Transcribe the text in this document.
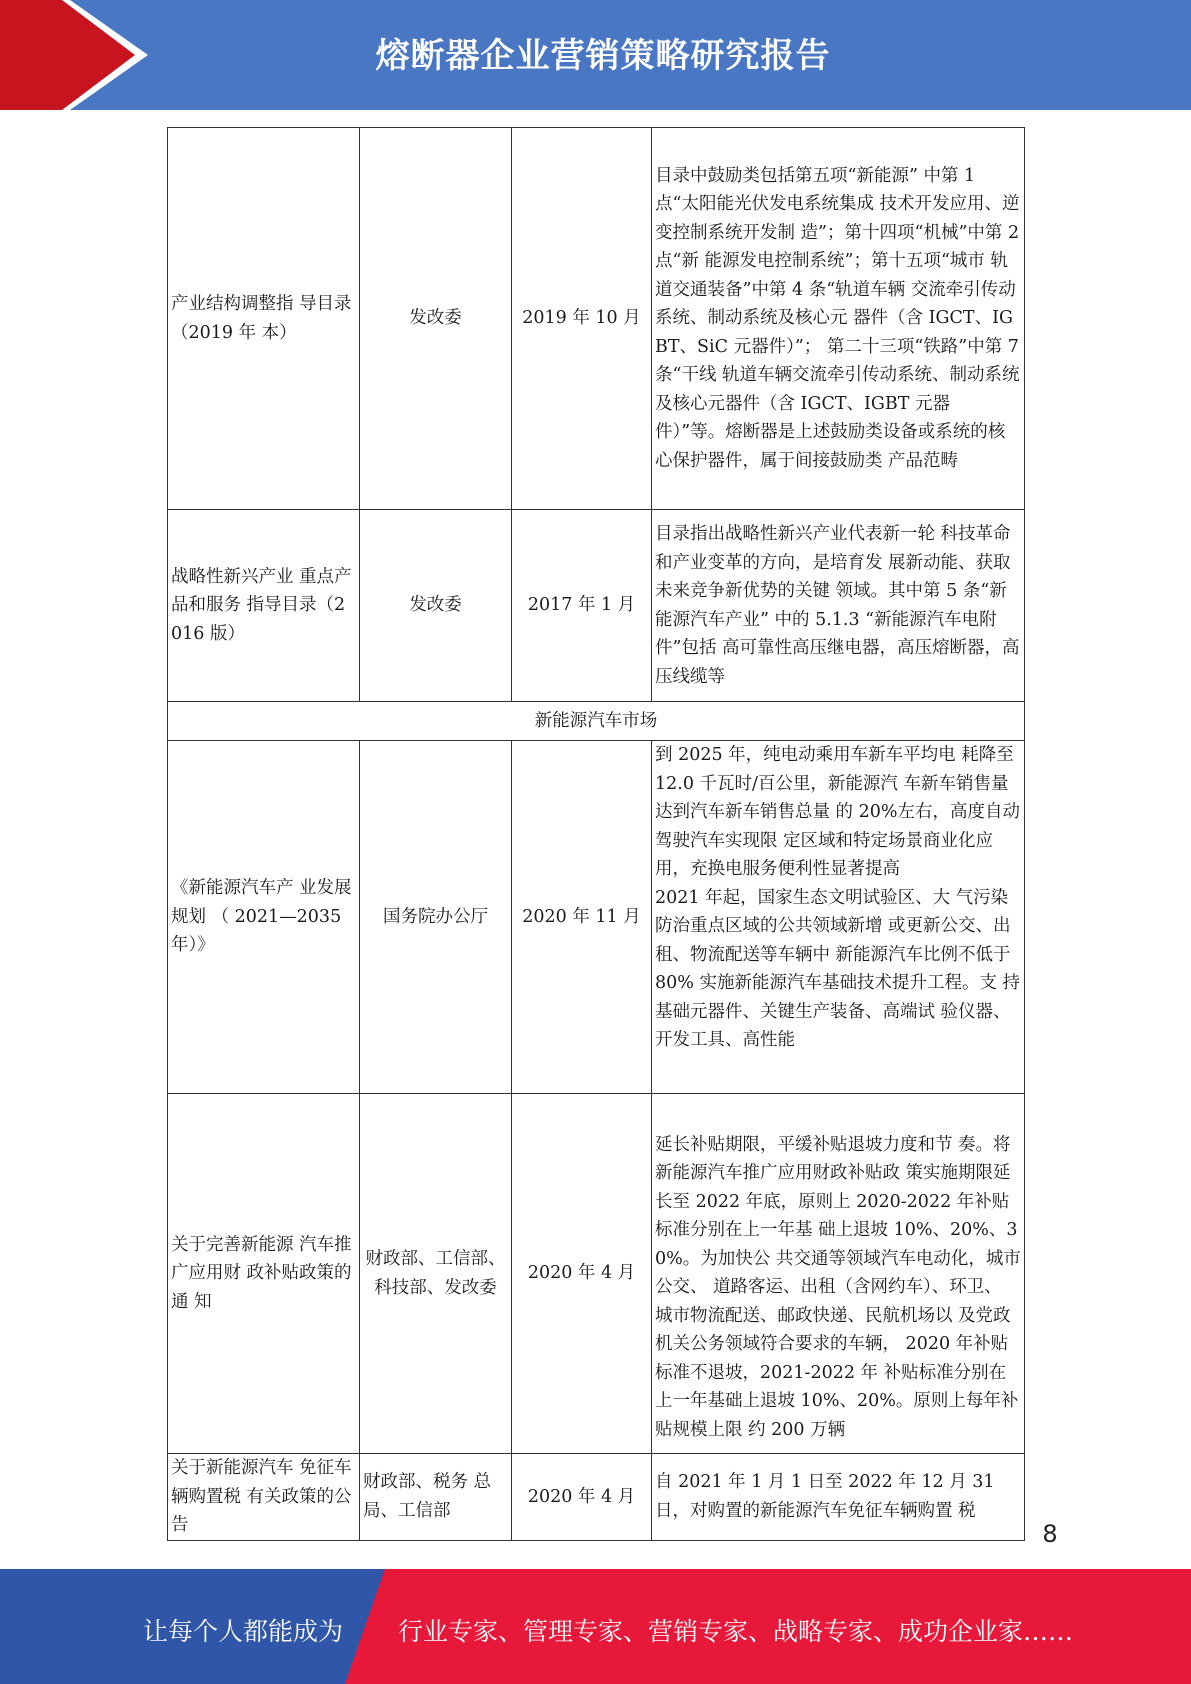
熔断器企业营销策略研究报告
产业结构调整指 导目录（2019 年 本）	发改委	2019 年 10 月	目录中鼓励类包括第五项“新能源” 中第 1 点“太阳能光伏发电系统集成 技术开发应用、逆变控制系统开发制 造”；第十四项“机械”中第 2 点“新 能源发电控制系统”；第十五项“城市 轨道交通装备”中第 4 条“轨道车辆 交流牵引传动系统、制动系统及核心元 器件（含 IGCT、IGBT、SiC 元器件）”； 第二十三项“铁路”中第 7 条“干线 轨道车辆交流牵引传动系统、制动系统 及核心元器件（含 IGCT、IGBT 元器 件）”等。熔断器是上述鼓励类设备或系统的核心保护器件，属于间接鼓励类 产品范畴
战略性新兴产业 重点产品和服务 指导目录（2016 版）	发改委	2017 年 1 月	目录指出战略性新兴产业代表新一轮 科技革命和产业变革的方向，是培育发 展新动能、获取未来竞争新优势的关键 领域。其中第 5 条“新能源汽车产业” 中的 5.1.3 “新能源汽车电附件”包括 高可靠性高压继电器，高压熔断器，高 压线缆等
新能源汽车市场			
《新能源汽车产 业发展规划 （ 2021—2035 年）》	国务院办公厅	2020 年 11 月	到 2025 年，纯电动乘用车新车平均电 耗降至 12.0 千瓦时/百公里，新能源汽 车新车销售量达到汽车新车销售总量 的 20%左右，高度自动驾驶汽车实现限 定区域和特定场景商业化应用，充换电服务便利性显著提高
2021 年起，国家生态文明试验区、大 气污染防治重点区域的公共领域新增 或更新公交、出租、物流配送等车辆中 新能源汽车比例不低于 80% 实施新能源汽车基础技术提升工程。支 持基础元器件、关键生产装备、高端试 验仪器、开发工具、高性能

关于完善新能源 汽车推广应用财 政补贴政策的通 知	财政部、工信部、科技部、发改委	2020 年 4 月	延长补贴期限，平缓补贴退坡力度和节 奏。将新能源汽车推广应用财政补贴政 策实施期限延长至 2022 年底，原则上 2020-2022 年补贴标准分别在上一年基 础上退坡 10%、20%、30%。为加快公 共交通等领域汽车电动化，城市公交、 道路客运、出租（含网约车）、环卫、 城市物流配送、邮政快递、民航机场以 及党政机关公务领域符合要求的车辆， 2020 年补贴标准不退坡，2021-2022 年 补贴标准分别在上一年基础上退坡 10%、20%。原则上每年补贴规模上限 约 200 万辆
关于新能源汽车 免征车辆购置税 有关政策的公告	财政部、税务 总局、工信部	2020 年 4 月	自 2021 年 1 月 1 日至 2022 年 12 月 31 日，对购置的新能源汽车免征车辆购置 税
8
让每个人都能成为 行业专家、管理专家、营销专家、战略专家、成功企业家……
